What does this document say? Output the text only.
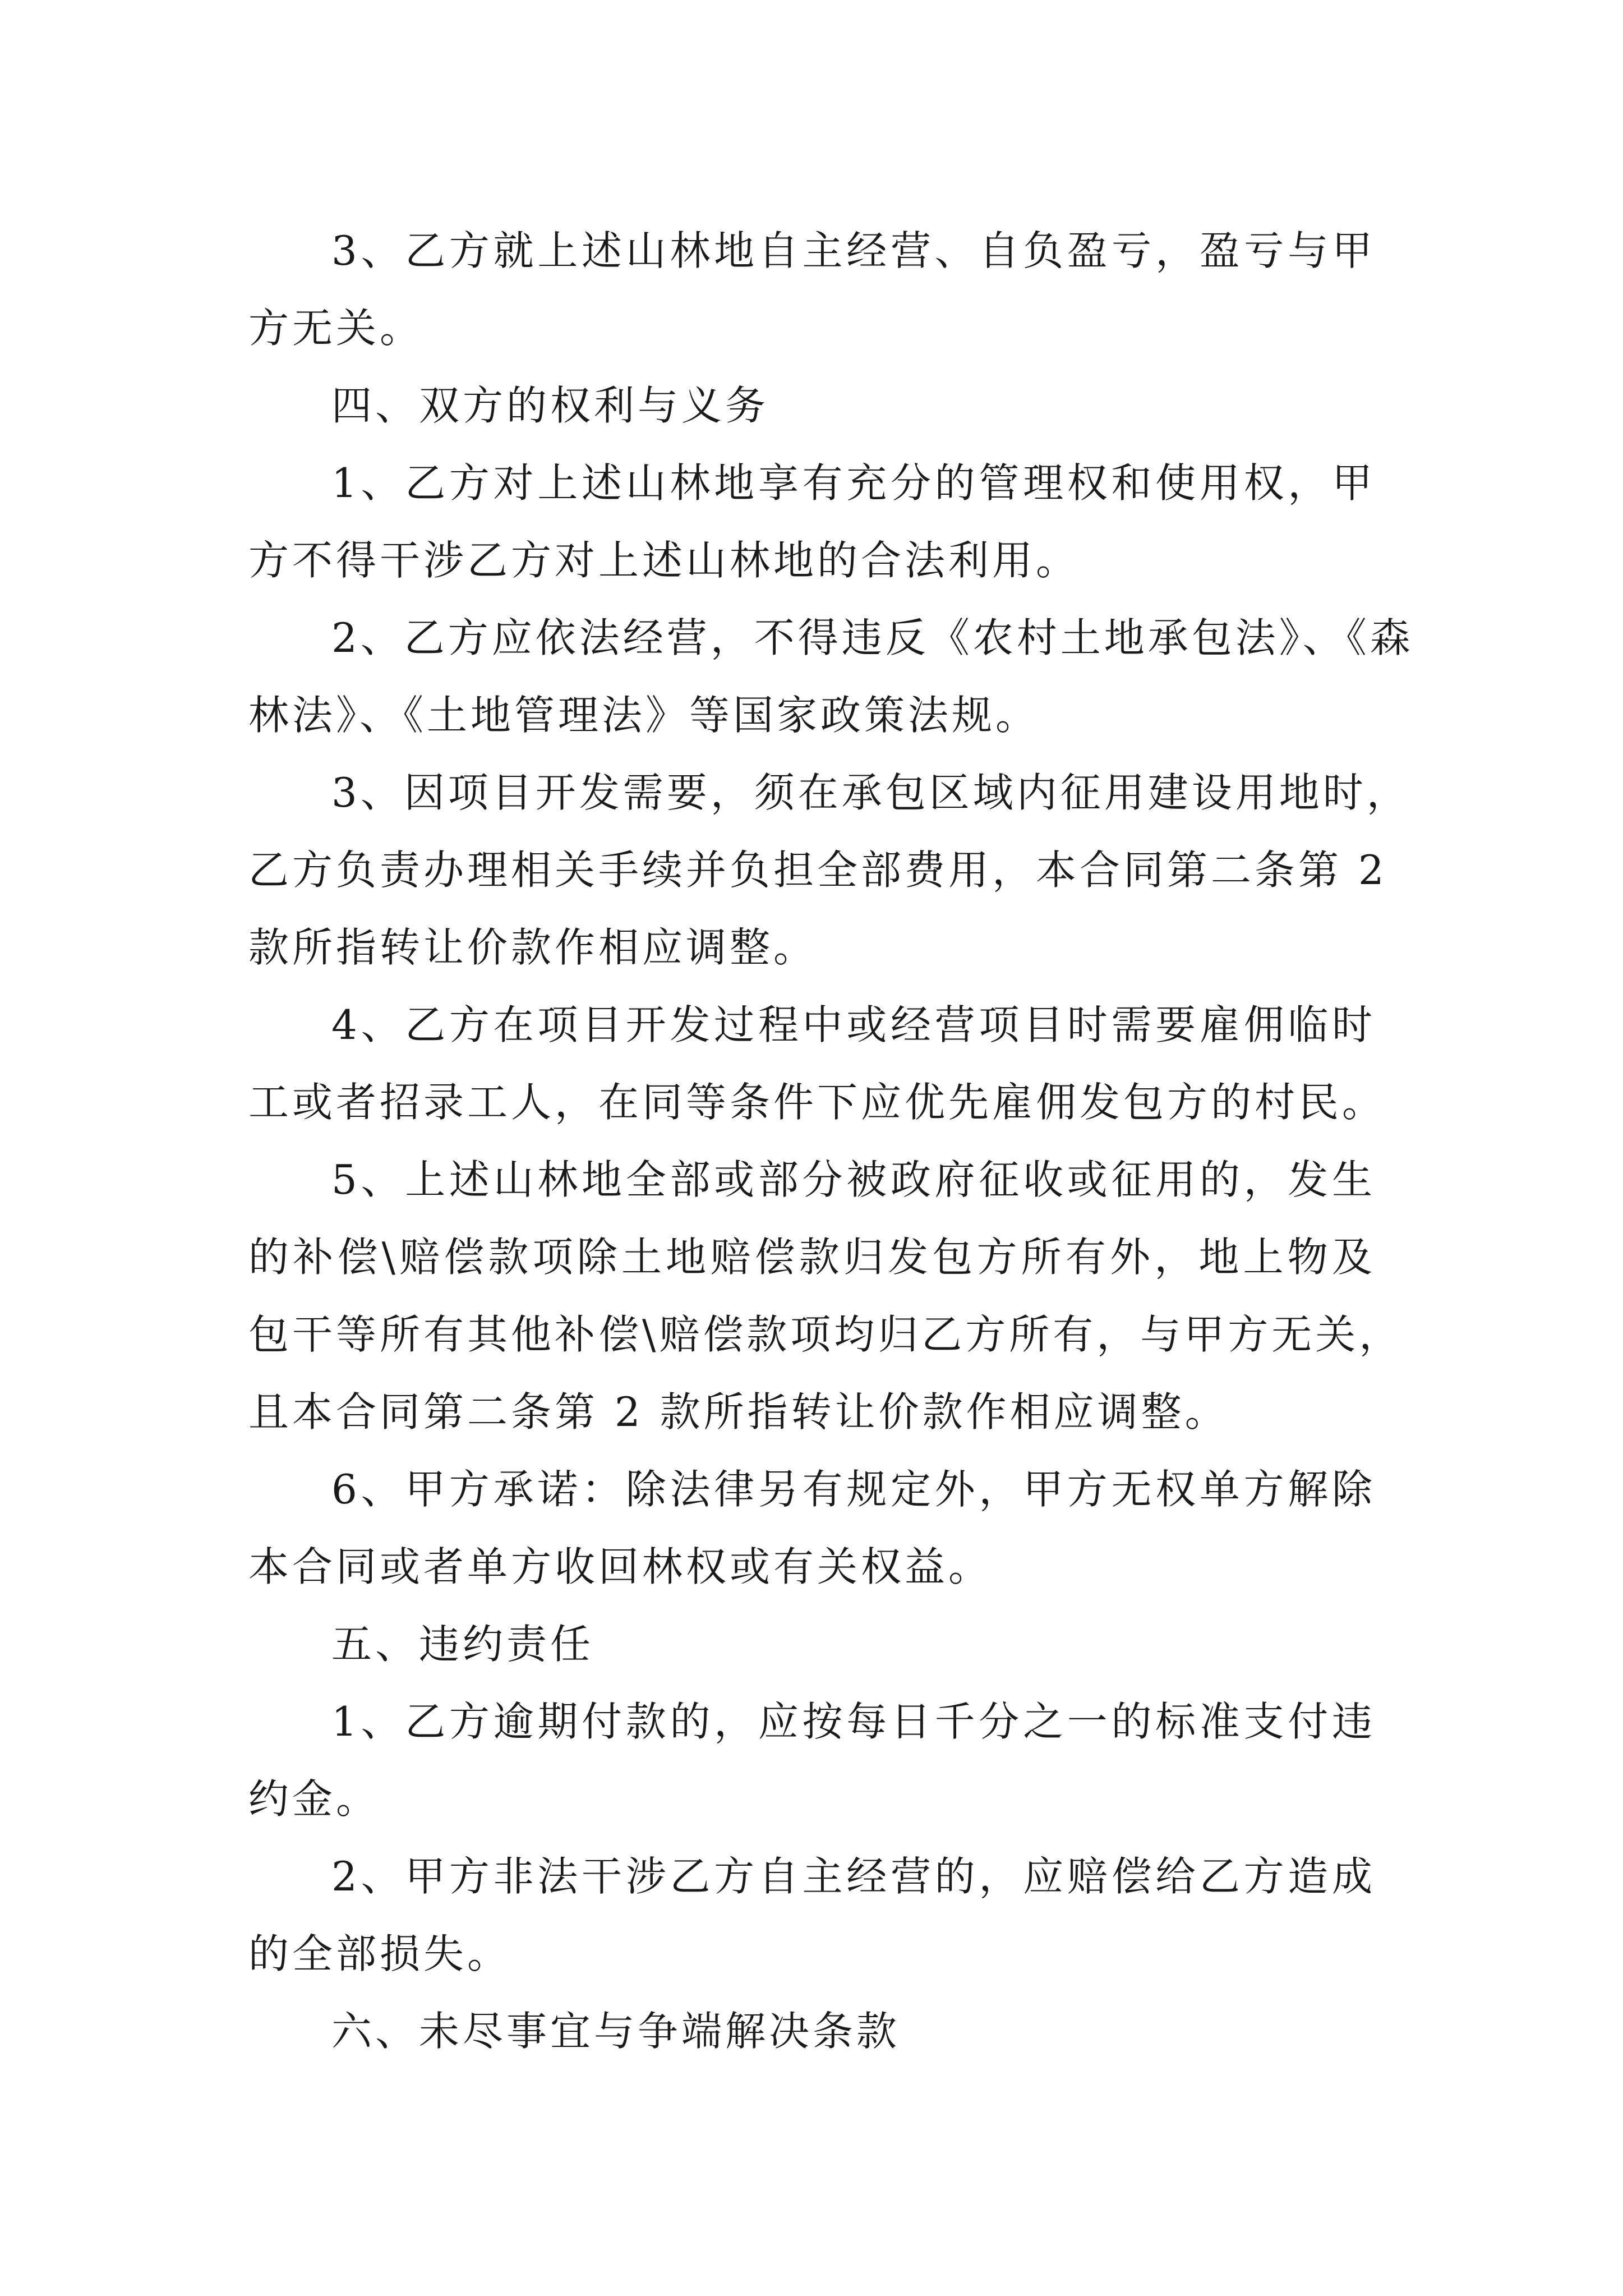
3、乙方就上述山林地自主经营、自负盈亏，盈亏与甲
方无关。
四、双方的权利与义务
1、乙方对上述山林地享有充分的管理权和使用权，甲
方不得干涉乙方对上述山林地的合法利用。
2、乙方应依法经营，不得违反《农村土地承包法》、《森
林法》、《土地管理法》等国家政策法规。
3、因项目开发需要，须在承包区域内征用建设用地时，
乙方负责办理相关手续并负担全部费用，本合同第二条第 2
款所指转让价款作相应调整。
4、乙方在项目开发过程中或经营项目时需要雇佣临时
工或者招录工人，在同等条件下应优先雇佣发包方的村民。
5、上述山林地全部或部分被政府征收或征用的，发生
的补偿\赔偿款项除土地赔偿款归发包方所有外，地上物及
包干等所有其他补偿\赔偿款项均归乙方所有，与甲方无关，
且本合同第二条第 2 款所指转让价款作相应调整。
6、甲方承诺：除法律另有规定外，甲方无权单方解除
本合同或者单方收回林权或有关权益。
五、违约责任
1、乙方逾期付款的，应按每日千分之一的标准支付违
约金。
2、甲方非法干涉乙方自主经营的，应赔偿给乙方造成
的全部损失。
六、未尽事宜与争端解决条款
